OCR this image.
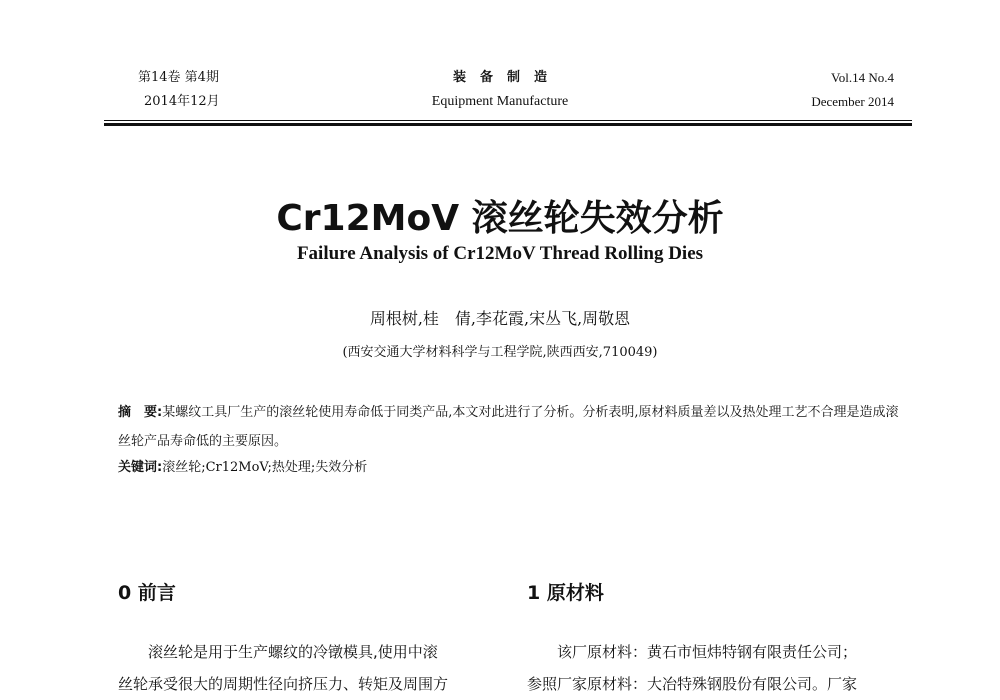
第14卷 第4期
2014年12月
装备制造
Equipment Manufacture
Vol.14 No.4
December 2014
Cr12MoV 滚丝轮失效分析
Failure Analysis of Cr12MoV Thread Rolling Dies
周根树,桂　倩,李花霞,宋丛飞,周敬恩
(西安交通大学材料科学与工程学院,陕西西安,710049)
摘　要:某螺纹工具厂生产的滚丝轮使用寿命低于同类产品,本文对此进行了分析。分析表明,原材料质量差以及热处理工艺不合理是造成滚丝轮产品寿命低的主要原因。
关键词:滚丝轮;Cr12MoV;热处理;失效分析
0 前言	1 原材料
滚丝轮是用于生产螺纹的冷镦模具,使用中滚
丝轮承受很大的周期性径向挤压力、转矩及周围方
该厂原材料：黄石市恒炜特钢有限责任公司；
参照厂家原材料：大冶特殊钢股份有限公司。厂家
